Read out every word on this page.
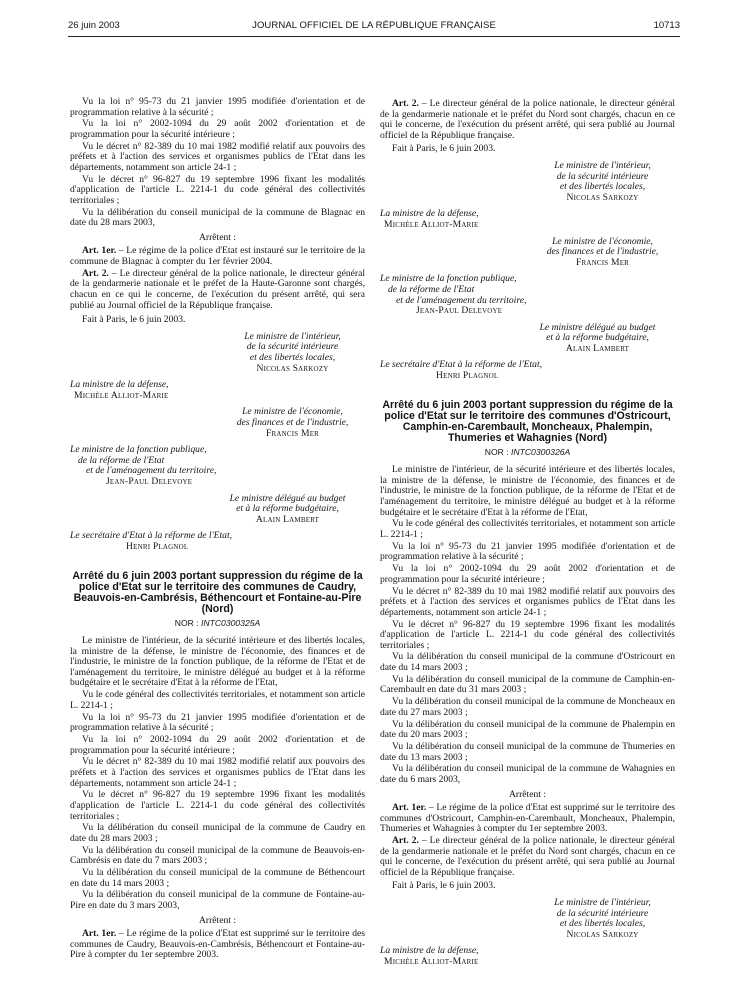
26 juin 2003	JOURNAL OFFICIEL DE LA RÉPUBLIQUE FRANÇAISE	10713

Vu la loi n° 95-73 du 21 janvier 1995 modifiée d'orientation et de programmation relative à la sécurité ;

Vu la loi n° 2002-1094 du 29 août 2002 d'orientation et de programmation pour la sécurité intérieure ;

Vu le décret n° 82-389 du 10 mai 1982 modifié relatif aux pouvoirs des préfets et à l'action des services et organismes publics de l'Etat dans les départements, notamment son article 24-1 ;

Vu le décret n° 96-827 du 19 septembre 1996 fixant les modalités d'application de l'article L. 2214-1 du code général des collectivités territoriales ;

Vu la délibération du conseil municipal de la commune de Blagnac en date du 28 mars 2003,

Arrêtent :

Art. 1er. – Le régime de la police d'Etat est instauré sur le territoire de la commune de Blagnac à compter du 1er février 2004.

Art. 2. – Le directeur général de la police nationale, le directeur général de la gendarmerie nationale et le préfet de la Haute-Garonne sont chargés, chacun en ce qui le concerne, de l'exécution du présent arrêté, qui sera publié au Journal officiel de la République française.

Fait à Paris, le 6 juin 2003.

Le ministre de l'intérieur,
de la sécurité intérieure
et des libertés locales,
Nicolas Sarkozy
La ministre de la défense,
Michèle Alliot-Marie
Le ministre de l'économie,
des finances et de l'industrie,
Francis Mer
Le ministre de la fonction publique,
de la réforme de l'Etat
et de l'aménagement du territoire,
Jean-Paul Delevoye
Le ministre délégué au budget
et à la réforme budgétaire,
Alain Lambert
Le secrétaire d'Etat à la réforme de l'Etat,
Henri Plagnol
Arrêté du 6 juin 2003 portant suppression du régime de la police d'Etat sur le territoire des communes de Caudry, Beauvois-en-Cambrésis, Béthencourt et Fontaine-au-Pire (Nord)
NOR : INTC0300325A

Le ministre de l'intérieur, de la sécurité intérieure et des libertés locales, la ministre de la défense, le ministre de l'économie, des finances et de l'industrie, le ministre de la fonction publique, de la réforme de l'Etat et de l'aménagement du territoire, le ministre délégué au budget et à la réforme budgétaire et le secrétaire d'Etat à la réforme de l'Etat,

Vu le code général des collectivités territoriales, et notamment son article L. 2214-1 ;

Vu la loi n° 95-73 du 21 janvier 1995 modifiée d'orientation et de programmation relative à la sécurité ;

Vu la loi n° 2002-1094 du 29 août 2002 d'orientation et de programmation pour la sécurité intérieure ;

Vu le décret n° 82-389 du 10 mai 1982 modifié relatif aux pouvoirs des préfets et à l'action des services et organismes publics de l'Etat dans les départements, notamment son article 24-1 ;

Vu le décret n° 96-827 du 19 septembre 1996 fixant les modalités d'application de l'article L. 2214-1 du code général des collectivités territoriales ;

Vu la délibération du conseil municipal de la commune de Caudry en date du 28 mars 2003 ;

Vu la délibération du conseil municipal de la commune de Beauvois-en-Cambrésis en date du 7 mars 2003 ;

Vu la délibération du conseil municipal de la commune de Béthencourt en date du 14 mars 2003 ;

Vu la délibération du conseil municipal de la commune de Fontaine-au-Pire en date du 3 mars 2003,

Arrêtent :

Art. 1er. – Le régime de la police d'Etat est supprimé sur le territoire des communes de Caudry, Beauvois-en-Cambrésis, Béthencourt et Fontaine-au-Pire à compter du 1er septembre 2003.

Art. 2. – Le directeur général de la police nationale, le directeur général de la gendarmerie nationale et le préfet du Nord sont chargés, chacun en ce qui le concerne, de l'exécution du présent arrêté, qui sera publié au Journal officiel de la République française.

Fait à Paris, le 6 juin 2003.

Le ministre de l'intérieur,
de la sécurité intérieure
et des libertés locales,
Nicolas Sarkozy
La ministre de la défense,
Michèle Alliot-Marie
Le ministre de l'économie,
des finances et de l'industrie,
Francis Mer
Le ministre de la fonction publique,
de la réforme de l'Etat
et de l'aménagement du territoire,
Jean-Paul Delevoye
Le ministre délégué au budget
et à la réforme budgétaire,
Alain Lambert
Le secrétaire d'Etat à la réforme de l'Etat,
Henri Plagnol
Arrêté du 6 juin 2003 portant suppression du régime de la police d'Etat sur le territoire des communes d'Ostricourt, Camphin-en-Carembault, Moncheaux, Phalempin, Thumeries et Wahagnies (Nord)
NOR : INTC0300326A

Le ministre de l'intérieur, de la sécurité intérieure et des libertés locales, la ministre de la défense, le ministre de l'économie, des finances et de l'industrie, le ministre de la fonction publique, de la réforme de l'Etat et de l'aménagement du territoire, le ministre délégué au budget et à la réforme budgétaire et le secrétaire d'Etat à la réforme de l'Etat,

Vu le code général des collectivités territoriales, et notamment son article L. 2214-1 ;

Vu la loi n° 95-73 du 21 janvier 1995 modifiée d'orientation et de programmation relative à la sécurité ;

Vu la loi n° 2002-1094 du 29 août 2002 d'orientation et de programmation pour la sécurité intérieure ;

Vu le décret n° 82-389 du 10 mai 1982 modifié relatif aux pouvoirs des préfets et à l'action des services et organismes publics de l'Etat dans les départements, notamment son article 24-1 ;

Vu le décret n° 96-827 du 19 septembre 1996 fixant les modalités d'application de l'article L. 2214-1 du code général des collectivités territoriales ;

Vu la délibération du conseil municipal de la commune d'Ostricourt en date du 14 mars 2003 ;

Vu la délibération du conseil municipal de la commune de Camphin-en-Carembault en date du 31 mars 2003 ;

Vu la délibération du conseil municipal de la commune de Moncheaux en date du 27 mars 2003 ;

Vu la délibération du conseil municipal de la commune de Phalempin en date du 20 mars 2003 ;

Vu la délibération du conseil municipal de la commune de Thumeries en date du 13 mars 2003 ;

Vu la délibération du conseil municipal de la commune de Wahagnies en date du 6 mars 2003,

Arrêtent :

Art. 1er. – Le régime de la police d'Etat est supprimé sur le territoire des communes d'Ostricourt, Camphin-en-Carembault, Moncheaux, Phalempin, Thumeries et Wahagnies à compter du 1er septembre 2003.

Art. 2. – Le directeur général de la police nationale, le directeur général de la gendarmerie nationale et le préfet du Nord sont chargés, chacun en ce qui le concerne, de l'exécution du présent arrêté, qui sera publié au Journal officiel de la République française.

Fait à Paris, le 6 juin 2003.

Le ministre de l'intérieur,
de la sécurité intérieure
et des libertés locales,
Nicolas Sarkozy
La ministre de la défense,
Michèle Alliot-Marie
